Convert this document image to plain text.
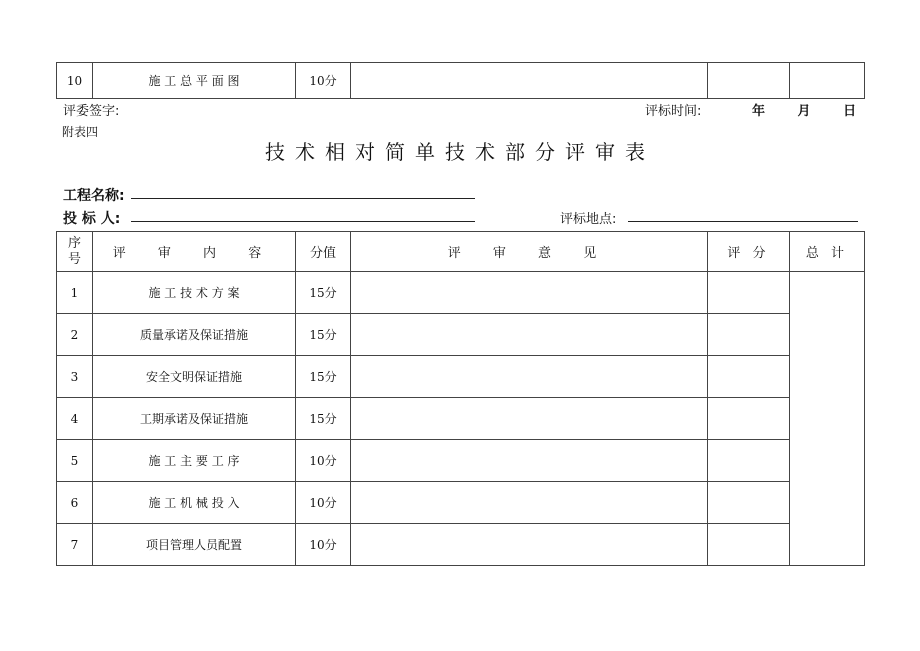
10	施 工 总 平 面 图	10分			
评委签字:	评标时间:	年	月	日
附表四
技术相对简单技术部分评审表
工程名称:
投 标 人:	评标地点:
序号	评 审 内 容	分值	评 审 意 见	评 分	总 计
1	施 工 技 术 方 案	15分			
2	质量承诺及保证措施	15分			
3	安全文明保证措施	15分			
4	工期承诺及保证措施	15分			
5	施 工 主 要 工 序	10分			
6	施 工 机 械 投 入	10分			
7	项目管理人员配置	10分			
